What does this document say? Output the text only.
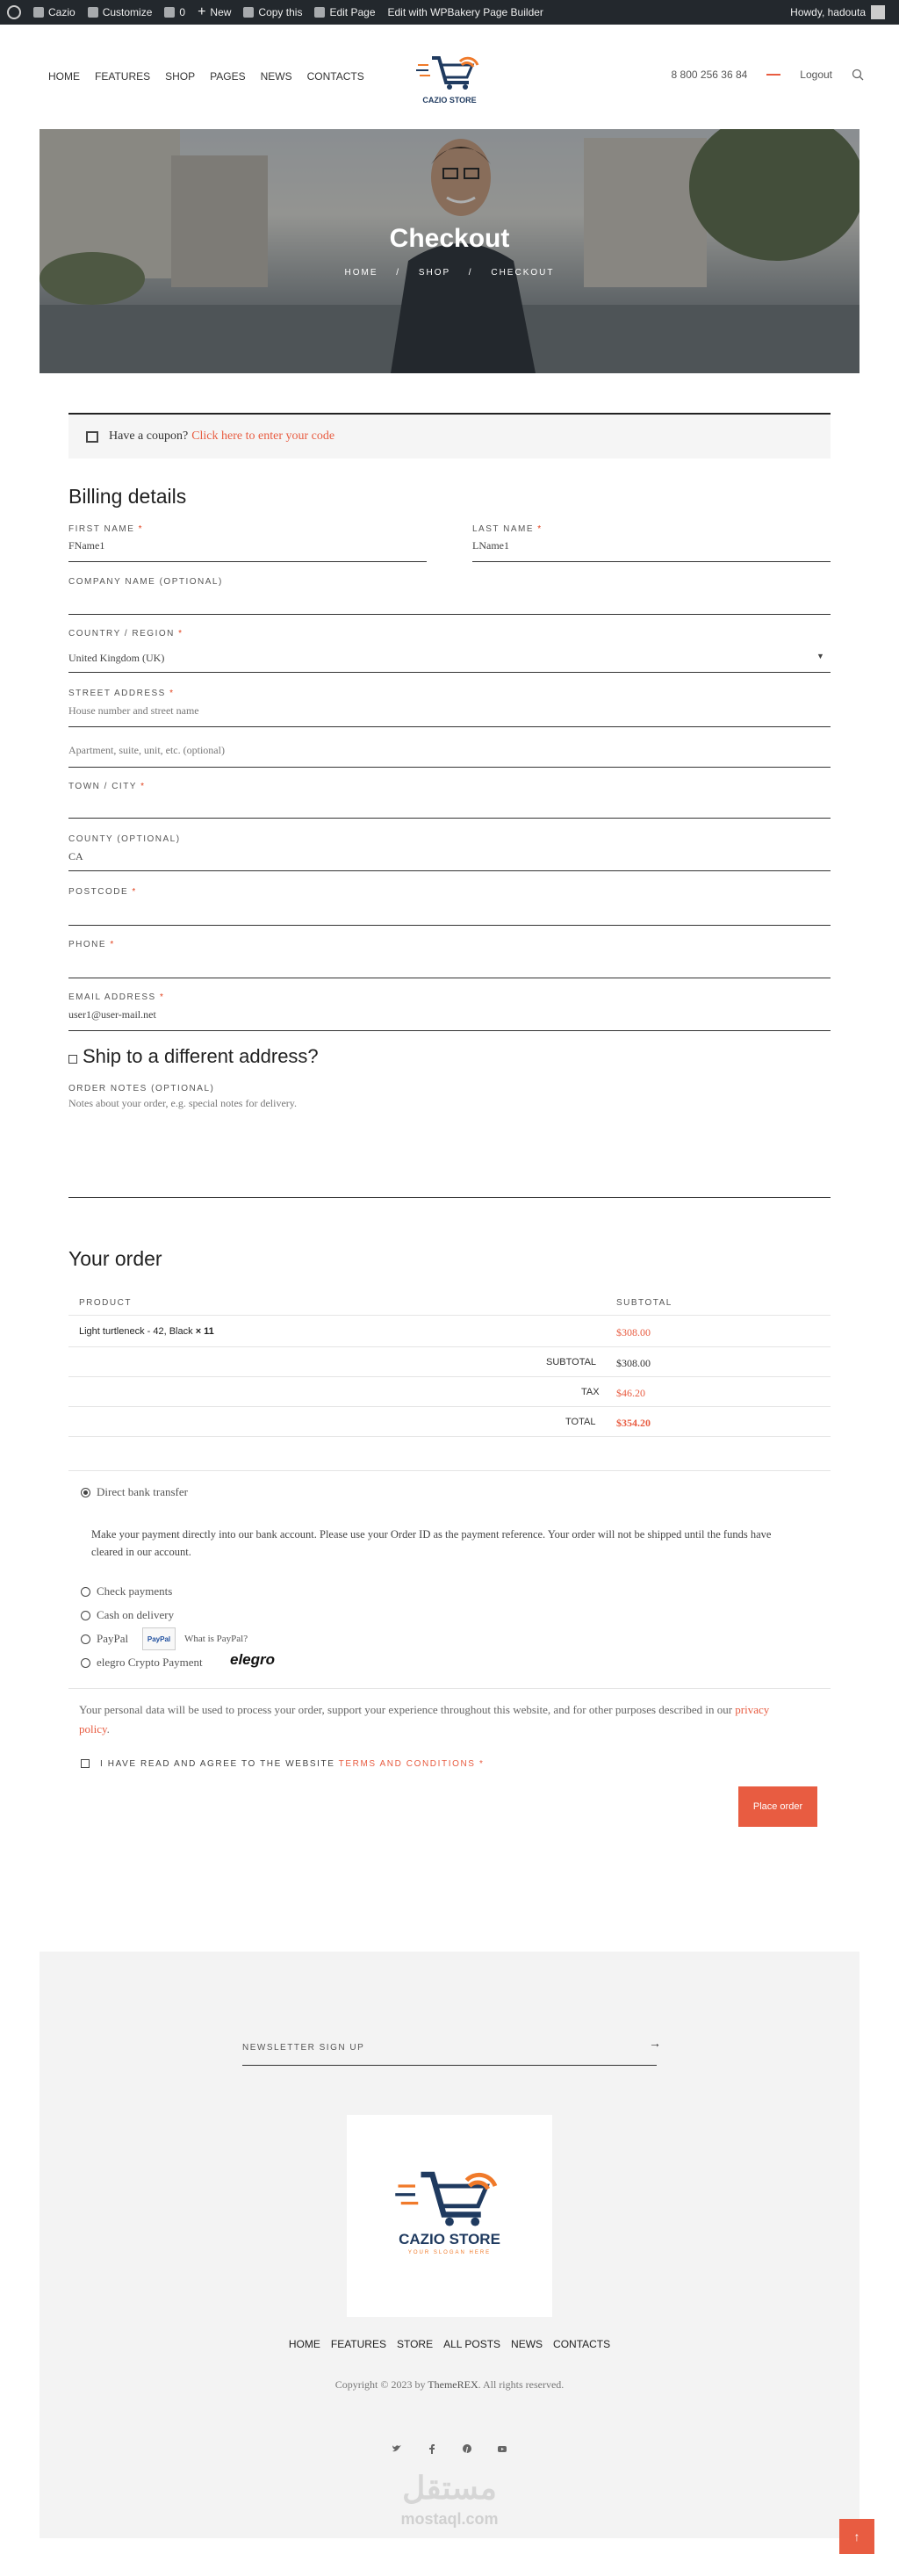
Cazio	Customize	0 + New	Copy this	Edit Page Edit with WPBakery Page Builder	Howdy, hadouta
HOME FEATURES SHOP PAGES NEWS CONTACTS
CAZIO STORE
8 800 256 36 84	Logout
Checkout
HOME / SHOP / CHECKOUT
Have a coupon? Click here to enter your code
Billing details
FIRST NAME *
FName1
LAST NAME *
LName1
COMPANY NAME (OPTIONAL)
COUNTRY / REGION *
United Kingdom (UK)	▼
STREET ADDRESS *
House number and street name
Apartment, suite, unit, etc. (optional)
TOWN / CITY *
COUNTY (OPTIONAL)
CA
POSTCODE *
PHONE *
EMAIL ADDRESS *
user1@user-mail.net
Ship to a different address?
ORDER NOTES (OPTIONAL)
Notes about your order, e.g. special notes for delivery.
Your order
PRODUCT	SUBTOTAL
Light turtleneck - 42, Black × 11	$308.00
SUBTOTAL $308.00
TAX $46.20
TOTAL $354.20
Direct bank transfer
Make your payment directly into our bank account. Please use your Order ID as the payment reference. Your order will not be shipped until the funds have cleared in our account.
Check payments
Cash on delivery
PayPal	PayPal	What is PayPal?
elegro Crypto Payment elegro
Your personal data will be used to process your order, support your experience throughout this website, and for other purposes described in our privacy policy.
I HAVE READ AND AGREE TO THE WEBSITE TERMS AND CONDITIONS *
Place order
NEWSLETTER SIGN UP	→
CAZIO STORE
YOUR SLOGAN HERE
HOME FEATURES STORE ALL POSTS NEWS CONTACTS
Copyright © 2023 by ThemeREX. All rights reserved.
مستقل
mostaql.com
↑
